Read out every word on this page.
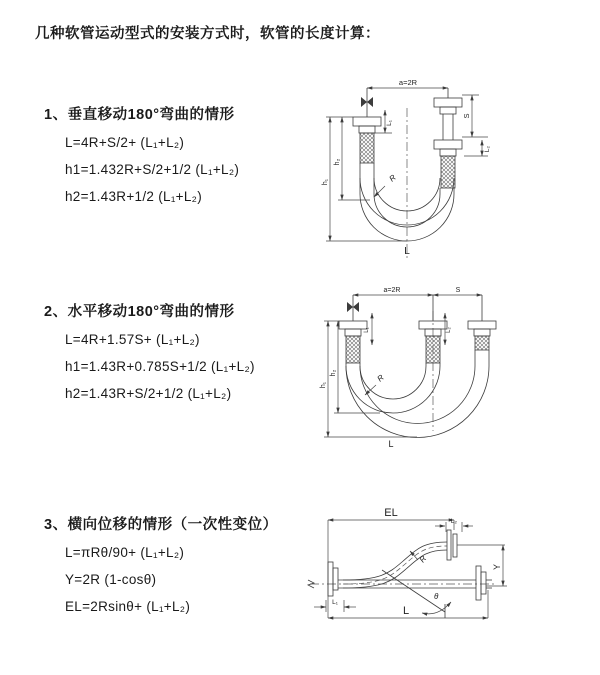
几种软管运动型式的安装方式时，软管的长度计算：
1、垂直移动180°弯曲的情形
L=4R+S/2+ (L₁+L₂)
h1=1.432R+S/2+1/2 (L₁+L₂)
h2=1.43R+1/2 (L₁+L₂)
2、水平移动180°弯曲的情形
L=4R+1.57S+ (L₁+L₂)
h1=1.43R+0.785S+1/2 (L₁+L₂)
h2=1.43R+S/2+1/2 (L₁+L₂)
3、横向位移的情形（一次性变位）
L=πRθ/90+ (L₁+L₂)
Y=2R (1-cosθ)
EL=2Rsinθ+ (L₁+L₂)
a=2R
h₁
h₂
L₁
S
L₂
R
L
a=2R	S
h₁
h₂
L₁	L₂
R
L
EL
L₂
Y
R
θ
L
L₁
